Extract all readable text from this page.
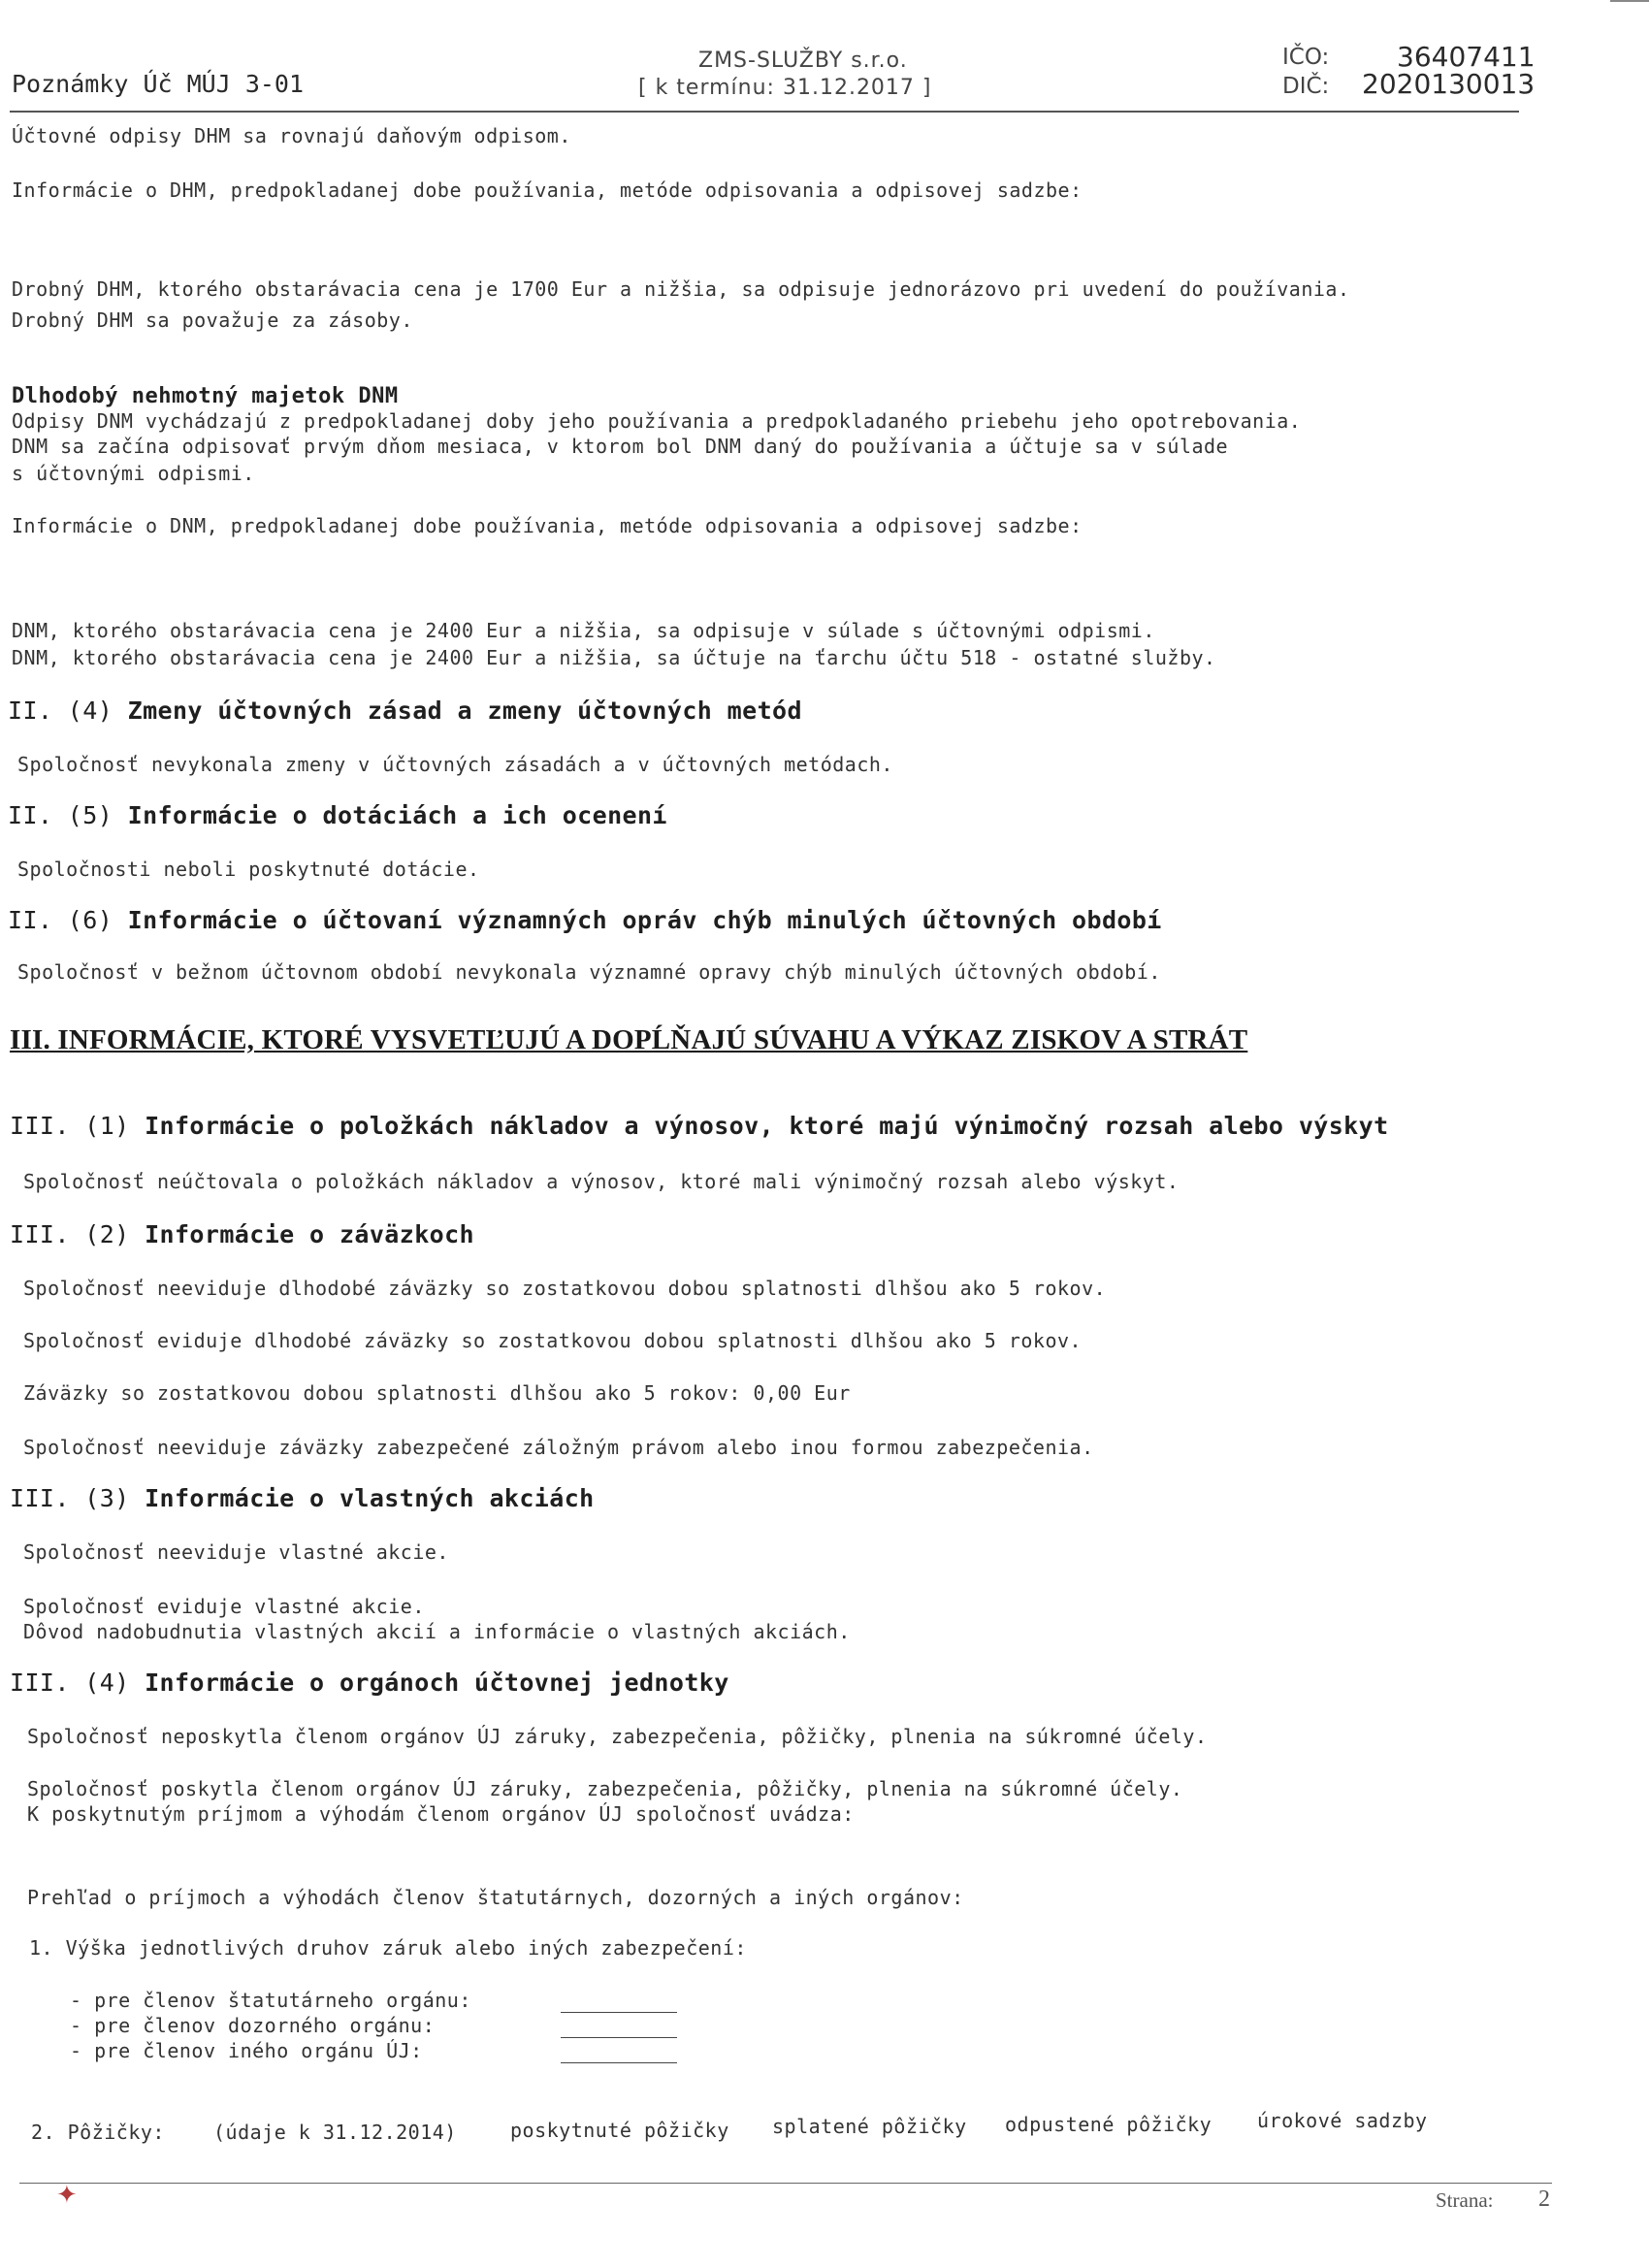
Poznámky Úč MÚJ 3-01
ZMS-SLUŽBY s.r.o.
[ k termínu: 31.12.2017 ]
IČO: 36407411
DIČ: 2020130013
Účtovné odpisy DHM sa rovnajú daňovým odpisom.
Informácie o DHM, predpokladanej dobe používania, metóde odpisovania a odpisovej sadzbe:
Drobný DHM, ktorého obstarávacia cena je 1700 Eur a nižšia, sa odpisuje jednorázovo pri uvedení do používania.
Drobný DHM sa považuje za zásoby.
Dlhodobý nehmotný majetok DNM
Odpisy DNM vychádzajú z predpokladanej doby jeho používania a predpokladaného priebehu jeho opotrebovania.
DNM sa začína odpisovať prvým dňom mesiaca, v ktorom bol DNM daný do používania a účtuje sa v súlade
s účtovnými odpismi.
Informácie o DNM, predpokladanej dobe používania, metóde odpisovania a odpisovej sadzbe:
DNM, ktorého obstarávacia cena je 2400 Eur a nižšia, sa odpisuje v súlade s účtovnými odpismi.
DNM, ktorého obstarávacia cena je 2400 Eur a nižšia, sa účtuje na ťarchu účtu 518 - ostatné služby.
II. (4) Zmeny účtovných zásad a zmeny účtovných metód
Spoločnosť nevykonala zmeny v účtovných zásadách a v účtovných metódach.
II. (5) Informácie o dotáciách a ich ocenení
Spoločnosti neboli poskytnuté dotácie.
II. (6) Informácie o účtovaní významných opráv chýb minulých účtovných období
Spoločnosť v bežnom účtovnom období nevykonala významné opravy chýb minulých účtovných období.
III. INFORMÁCIE, KTORÉ VYSVETĽUJÚ A DOPĹŇAJÚ SÚVAHU A VÝKAZ ZISKOV A STRÁT
III. (1) Informácie o položkách nákladov a výnosov, ktoré majú výnimočný rozsah alebo výskyt
Spoločnosť neúčtovala o položkách nákladov a výnosov, ktoré mali výnimočný rozsah alebo výskyt.
III. (2) Informácie o záväzkoch
Spoločnosť neeviduje dlhodobé záväzky so zostatkovou dobou splatnosti dlhšou ako 5 rokov.
Spoločnosť eviduje dlhodobé záväzky so zostatkovou dobou splatnosti dlhšou ako 5 rokov.
Záväzky so zostatkovou dobou splatnosti dlhšou ako 5 rokov: 0,00 Eur
Spoločnosť neeviduje záväzky zabezpečené záložným právom alebo inou formou zabezpečenia.
III. (3) Informácie o vlastných akciách
Spoločnosť neeviduje vlastné akcie.
Spoločnosť eviduje vlastné akcie.
Dôvod nadobudnutia vlastných akcií a informácie o vlastných akciách.
III. (4) Informácie o orgánoch účtovnej jednotky
Spoločnosť neposkytla členom orgánov ÚJ záruky, zabezpečenia, pôžičky, plnenia na súkromné účely.
Spoločnosť poskytla členom orgánov ÚJ záruky, zabezpečenia, pôžičky, plnenia na súkromné účely.
K poskytnutým príjmom a výhodám členom orgánov ÚJ spoločnosť uvádza:
Prehľad o príjmoch a výhodách členov štatutárnych, dozorných a iných orgánov:
1. Výška jednotlivých druhov záruk alebo iných zabezpečení:
- pre členov štatutárneho orgánu:
- pre členov dozorného orgánu:
- pre členov iného orgánu ÚJ:
2. Pôžičky:	(údaje k 31.12.2014)	poskytnuté pôžičky splatené pôžičky odpustené pôžičky úrokové sadzby
✦	Strana: 2
